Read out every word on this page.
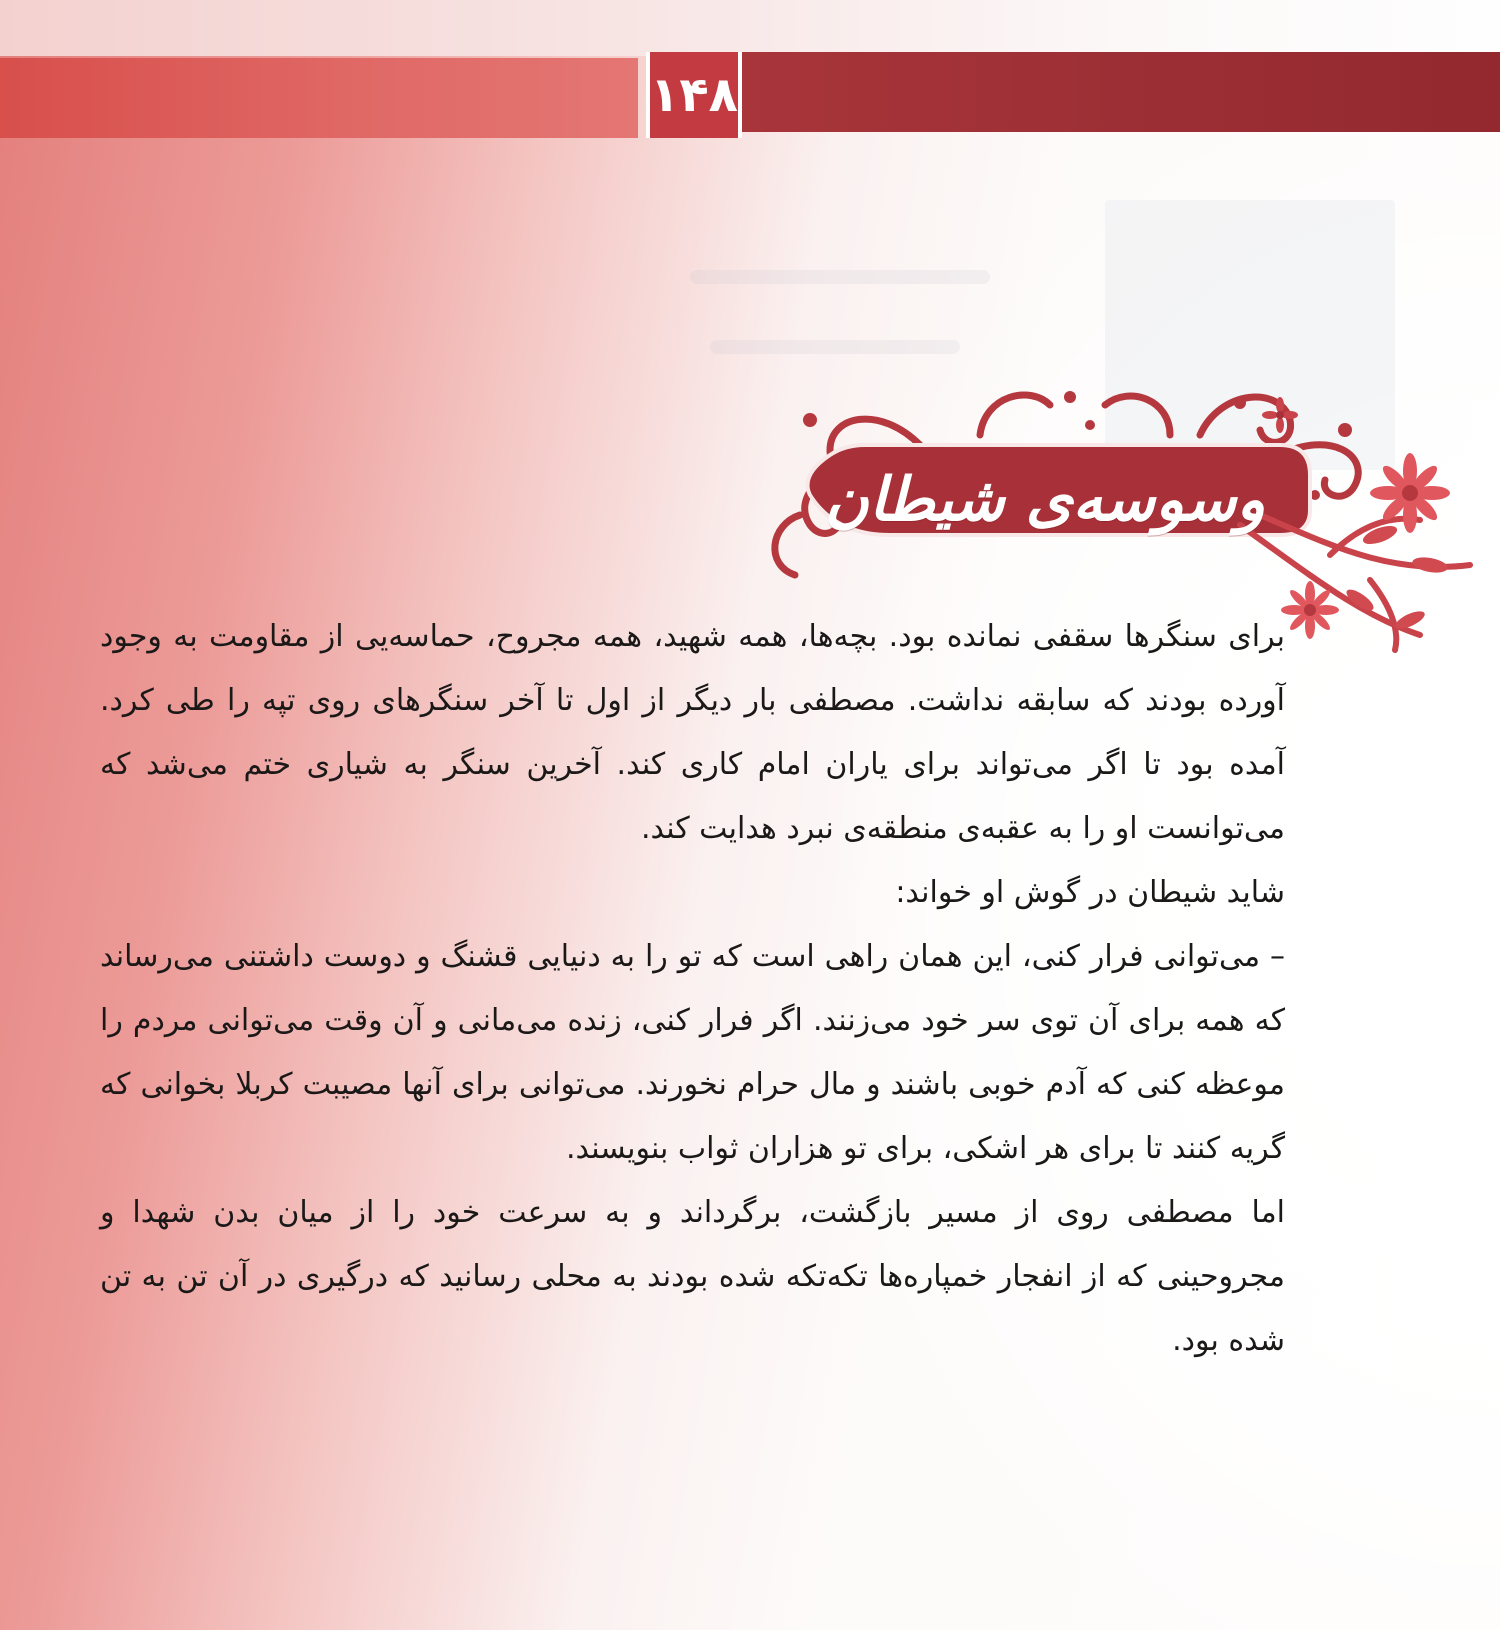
۱۴۸
وسوسه‌ی شیطان

برای سنگرها سقفی نمانده بود. بچه‌ها، همه شهید، همه مجروح، حماسه‌یی از مقاومت به وجود آورده بودند که سابقه نداشت. مصطفی بار دیگر از اول تا آخر سنگرهای روی تپه را طی کرد. آمده بود تا اگر می‌تواند برای یاران امام کاری کند. آخرین سنگر به شیاری ختم می‌شد که می‌توانست او را به عقبه‌ی منطقه‌ی نبرد هدایت کند.

شاید شیطان در گوش او خواند:

– می‌توانی فرار کنی، این همان راهی است که تو را به دنیایی قشنگ و دوست داشتنی می‌رساند که همه برای آن توی سر خود می‌زنند. اگر فرار کنی، زنده می‌مانی و آن وقت می‌توانی مردم را موعظه کنی که آدم خوبی باشند و مال حرام نخورند. می‌توانی برای آنها مصیبت کربلا بخوانی که گریه کنند تا برای هر اشکی، برای تو هزاران ثواب بنویسند.

اما مصطفی روی از مسیر بازگشت، برگرداند و به سرعت خود را از میان بدن شهدا و مجروحینی که از انفجار خمپاره‌ها تکه‌تکه شده بودند به محلی رسانید که درگیری در آن تن به تن شده بود.
